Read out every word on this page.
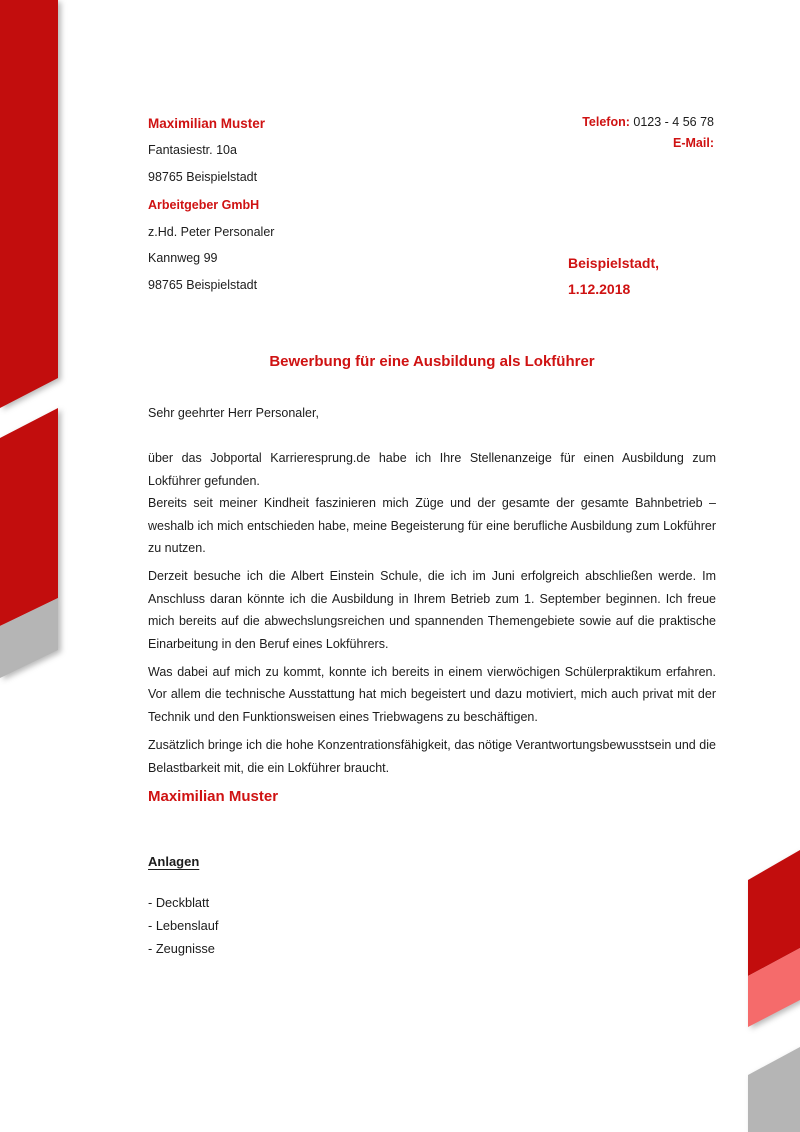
Maximilian Muster
Fantasiestr. 10a
98765 Beispielstadt
Telefon: 0123 - 4 56 78
E-Mail:
Arbeitgeber GmbH
z.Hd. Peter Personaler
Kannweg 99
98765 Beispielstadt
Beispielstadt,
1.12.2018
Bewerbung für eine Ausbildung als Lokführer
Sehr geehrter Herr Personaler,

über das Jobportal Karrieresprung.de habe ich Ihre Stellenanzeige für einen Ausbildung zum Lokführer gefunden.

Bereits seit meiner Kindheit faszinieren mich Züge und der gesamte der gesamte Bahnbetrieb – weshalb ich mich entschieden habe, meine Begeisterung für eine berufliche Ausbildung zum Lokführer zu nutzen.

Derzeit besuche ich die Albert Einstein Schule, die ich im Juni erfolgreich abschließen werde. Im Anschluss daran könnte ich die Ausbildung in Ihrem Betrieb zum 1. September beginnen. Ich freue mich bereits auf die abwechslungsreichen und spannenden Themengebiete sowie auf die praktische Einarbeitung in den Beruf eines Lokführers.

Was dabei auf mich zu kommt, konnte ich bereits in einem vierwöchigen Schülerpraktikum erfahren. Vor allem die technische Ausstattung hat mich begeistert und dazu motiviert, mich auch privat mit der Technik und den Funktionsweisen eines Triebwagens zu beschäftigen.

Zusätzlich bringe ich die hohe Konzentrationsfähigkeit, das nötige Verantwortungsbewusstsein und die Belastbarkeit mit, die ein Lokführer braucht.

Maximilian Muster
Anlagen
- Deckblatt
- Lebenslauf
- Zeugnisse
